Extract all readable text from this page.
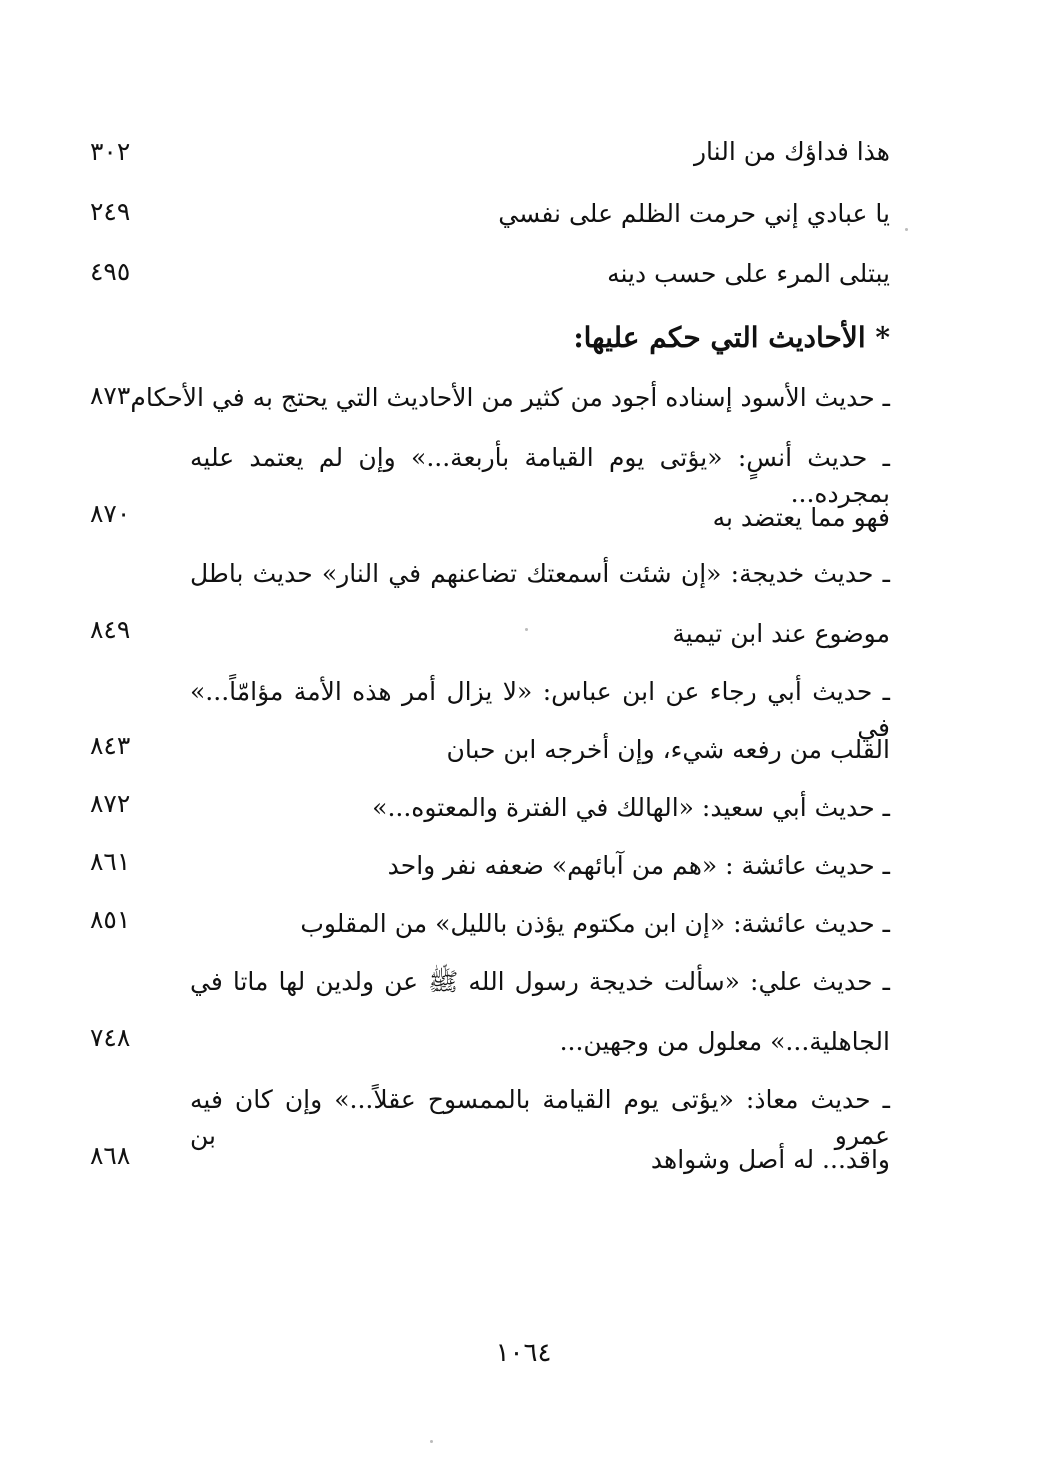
هذا فداؤك من النار
٣٠٢
يا عبادي إني حرمت الظلم على نفسي
٢٤٩
يبتلى المرء على حسب دينه
٤٩٥
* الأحاديث التي حكم عليها:
ـ حديث الأسود إسناده أجود من كثير من الأحاديث التي يحتج به في الأحكام
٨٧٣
ـ حديث أنسٍ: «يؤتى يوم القيامة بأربعة...» وإن لم يعتمد عليه بمجرده...
فهو مما يعتضد به
٨٧٠
ـ حديث خديجة: «إن شئت أسمعتك تضاعنهم في النار» حديث باطل
موضوع عند ابن تيمية
٨٤٩
ـ حديث أبي رجاء عن ابن عباس: «لا يزال أمر هذه الأمة مؤامّاً...» في
القلب من رفعه شيء، وإن أخرجه ابن حبان
٨٤٣
ـ حديث أبي سعيد: «الهالك في الفترة والمعتوه...»
٨٧٢
ـ حديث عائشة : «هم من آبائهم» ضعفه نفر واحد
٨٦١
ـ حديث عائشة: «إن ابن مكتوم يؤذن بالليل» من المقلوب
٨٥١
ـ حديث علي: «سألت خديجة رسول الله ﷺ عن ولدين لها ماتا في
الجاهلية...» معلول من وجهين...
٧٤٨
ـ حديث معاذ: «يؤتى يوم القيامة بالممسوح عقلاً...» وإن كان فيه عمرو بن
واقد... له أصل وشواهد
٨٦٨
١٠٦٤
